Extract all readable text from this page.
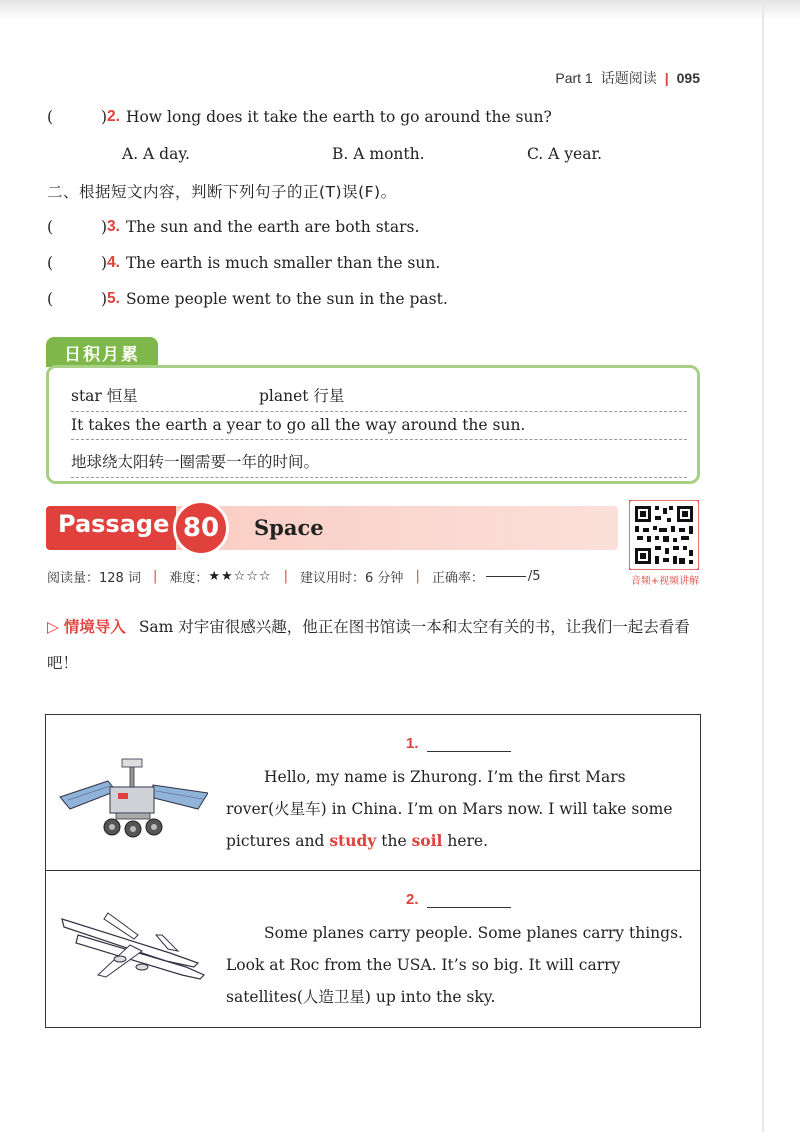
Part 1 话题阅读 | 095
(	) 2. How long does it take the earth to go around the sun?
A. A day.	B. A month.	C. A year.
二、根据短文内容，判断下列句子的正(T)误(F)。
(	) 3. The sun and the earth are both stars.
(	) 4. The earth is much smaller than the sun.
(	) 5. Some people went to the sun in the past.
日积月累
star 恒星	planet 行星
It takes the earth a year to go all the way around the sun.
地球绕太阳转一圈需要一年的时间。
Passage 80	Space
音频+视频讲解
阅读量：128 词 | 难度： ★★☆☆☆ | 建议用时：6 分钟 | 正确率：	/5
▷ 情境导入 Sam 对宇宙很感兴趣，他正在图书馆读一本和太空有关的书，让我们一起去看看吧！
1.
Hello, my name is Zhurong. I’m the first Mars rover(火星车) in China. I’m on Mars now. I will take some pictures and study the soil here.
2.
Some planes carry people. Some planes carry things. Look at Roc from the USA. It’s so big. It will carry satellites(人造卫星) up into the sky.
